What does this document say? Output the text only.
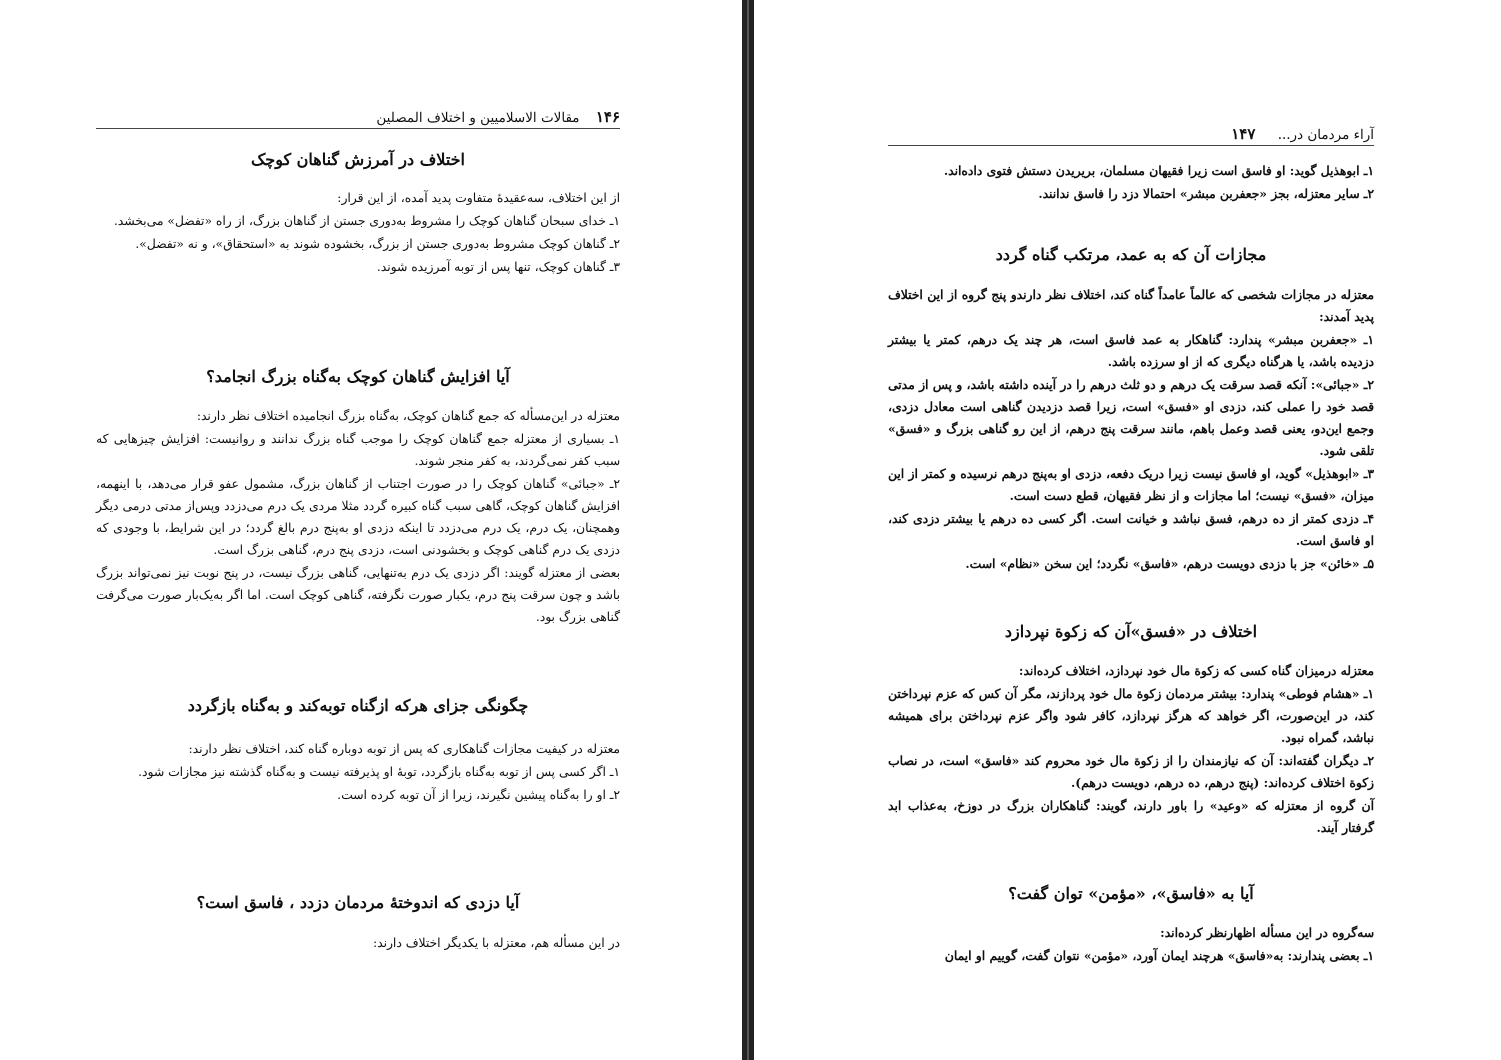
۱۴۶ مقالات الاسلاميين و اختلاف المصلين
اختلاف در آمرزش گناهان کوچک

از این اختلاف، سه‌عقیدهٔ متفاوت پدید آمده، از این قرار:

۱ـ خدای سبحان گناهان کوچک را مشروط به‌دوری جستن از گناهان بزرگ، از راه «تفضل» می‌بخشد.

۲ـ گناهان کوچک مشروط به‌دوری جستن از بزرگ، بخشوده شوند به «استحقاق»، و نه «تفضل».

۳ـ گناهان کوچک، تنها پس از توبه آمرزیده شوند.

آیا افزایش گناهان کوچک به‌گناه بزرگ انجامد؟

معتزله در این‌مسأله که جمع گناهان کوچک، به‌گناه بزرگ انجامیده اختلاف نظر دارند:

۱ـ بسیاری از معتزله جمع گناهان کوچک را موجب گناه بزرگ ندانند و روانیست: افزایش چیزهایی که سبب کفر نمی‌گردند، به کفر منجر شوند.

۲ـ «جبائی» گناهان کوچک را در صورت اجتناب از گناهان بزرگ، مشمول عفو قرار می‌دهد، با اینهمه، افزایش گناهان کوچک، گاهی سبب گناه کبیره گردد مثلا مردی یک درم می‌دزدد وپس‌از مدتی درمی دیگر وهمچنان، یک درم، یک درم می‌دزدد تا اینکه دزدی او به‌پنج درم بالغ گردد؛ در این شرایط، با وجودی که دزدی یک درم گناهی کوچک و بخشودنی است، دزدی پنج درم، گناهی بزرگ است.

بعضی از معتزله گویند: اگر دزدی یک درم به‌تنهایی، گناهی بزرگ نیست، در پنج نوبت نیز نمی‌تواند بزرگ باشد و چون سرقت پنج درم، یکبار صورت نگرفته، گناهی کوچک است. اما اگر به‌یک‌بار صورت می‌گرفت گناهی بزرگ بود.

چگونگی جزای هرکه ازگناه توبه‌کند و به‌گناه بازگردد

معتزله در کیفیت مجازات گناهکاری که پس از توبه دوباره گناه کند، اختلاف نظر دارند:

۱ـ اگر کسی پس از توبه به‌گناه بازگردد، توبهٔ او پذیرفته نیست و به‌گناه گذشته نیز مجازات شود.

۲ـ او را به‌گناه پیشین نگیرند، زیرا از آن توبه کرده است.

آیا دزدی که اندوختهٔ مردمان دزدد ، فاسق است؟

در این مسأله هم، معتزله با یکدیگر اختلاف دارند:

آراء مردمان در... ۱۴۷

۱ـ ابوهذیل گوید: او فاسق است زیرا فقیهان مسلمان، بریریدن دستش فتوی داده‌اند.

۲ـ سایر معتزله، بجز «جعفربن مبشر» احتمالا دزد را فاسق ندانند.

مجازات آن که به عمد، مرتکب گناه گردد

معتزله در مجازات شخصی که عالماً عامداً گناه کند، اختلاف نظر دارندو پنج گروه از این اختلاف پدید آمدند:

۱ـ «جعفربن مبشر» پندارد: گناهکار به عمد فاسق است، هر چند یک درهم، کمتر یا بیشتر دزدیده باشد، یا هرگناه دیگری که از او سرزده باشد.

۲ـ «جبائی»: آنکه قصد سرقت یک درهم و دو ثلث درهم را در آینده داشته باشد، و پس از مدتی قصد خود را عملی کند، دزدی او «فسق» است، زیرا قصد دزدیدن گناهی است معادل دزدی، وجمع این‌دو، یعنی قصد وعمل باهم، مانند سرقت پنج درهم، از این رو گناهی بزرگ و «فسق» تلقی شود.

۳ـ «ابوهذیل» گوید، او فاسق نیست زیرا دریک دفعه، دزدی او به‌پنج درهم نرسیده و کمتر از این میزان، «فسق» نیست؛ اما مجازات و از نظر فقیهان، قطع دست است.

۴ـ دزدی کمتر از ده درهم، فسق نباشد و خیانت است. اگر کسی ده درهم یا بیشتر دزدی کند، او فاسق است.

۵ـ «خائن» جز با دزدی دویست درهم، «فاسق» نگردد؛ این سخن «نظام» است.

اختلاف در «فسق»آن که زکوة نپردازد

معتزله درمیزان گناه کسی که زکوة مال خود نپردازد، اختلاف کرده‌اند:

۱ـ «هشام فوطی» پندارد: بیشتر مردمان زکوة مال خود پردازند، مگر آن کس که عزم نپرداختن کند، در این‌صورت، اگر خواهد که هرگز نپردازد، کافر شود واگر عزم نپرداختن برای همیشه نباشد، گمراه نبود.

۲ـ دیگران گفته‌اند: آن که نیازمندان را از زکوة مال خود محروم کند «فاسق» است، در نصاب زکوة اختلاف کرده‌اند: (پنج درهم، ده درهم، دویست درهم).

آن گروه از معتزله که «وعید» را باور دارند، گویند: گناهکاران بزرگ در دوزخ، به‌عذاب ابد گرفتار آیند.

آیا به «فاسق»، «مؤمن» توان گفت؟

سه‌گروه در این مسأله اظهارنظر کرده‌اند:

۱ـ بعضی پندارند: به‌«فاسق» هرچند ایمان آورد، «مؤمن» نتوان گفت، گوییم او ایمان
